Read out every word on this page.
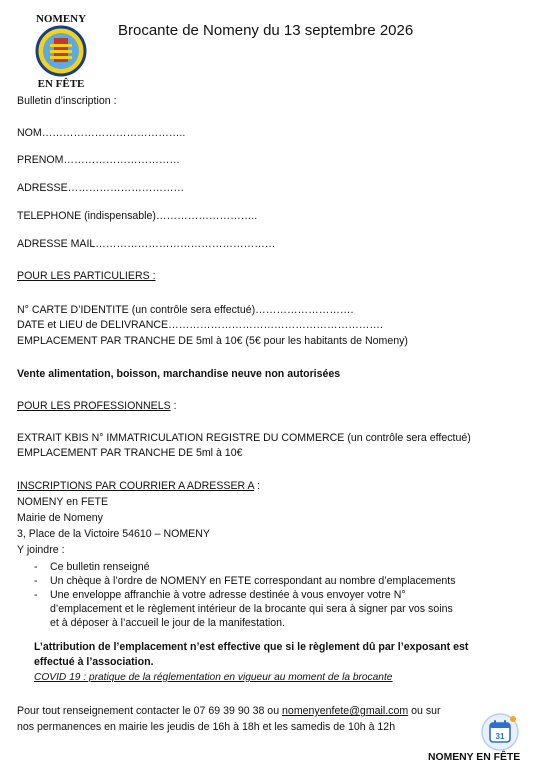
NOMENY
EN FÊTE
Brocante de Nomeny du 13 septembre 2026
Bulletin d’inscription :
NOM…………………………………..
PRENOM……………………………
ADRESSE……………………………
TELEPHONE (indispensable)………………………..
ADRESSE MAIL……………………………………………
POUR LES PARTICULIERS :
N° CARTE D’IDENTITE (un contrôle sera effectué)……………………….
DATE et LIEU de DELIVRANCE…………………………………………………….
EMPLACEMENT PAR TRANCHE DE 5ml à 10€ (5€ pour les habitants de Nomeny)
Vente alimentation, boisson, marchandise neuve non autorisées
POUR LES PROFESSIONNELS :
EXTRAIT KBIS N° IMMATRICULATION REGISTRE DU COMMERCE (un contrôle sera effectué)
EMPLACEMENT PAR TRANCHE DE 5ml à 10€
INSCRIPTIONS PAR COURRIER A ADRESSER A :
NOMENY en FETE
Mairie de Nomeny
3, Place de la Victoire 54610 – NOMENY
Y joindre :
- Ce bulletin renseigné
- Un chèque à l’ordre de NOMENY en FETE correspondant au nombre d’emplacements
- Une enveloppe affranchie à votre adresse destinée à vous envoyer votre N°
d’emplacement et le règlement intérieur de la brocante qui sera à signer par vos soins
et à déposer à l’accueil le jour de la manifestation.
L’attribution de l’emplacement n’est effective que si le règlement dû par l’exposant est
effectué à l’association.
COVID 19 : pratique de la réglementation en vigueur au moment de la brocante
Pour tout renseignement contacter le 07 69 39 90 38 ou nomenyenfete@gmail.com ou sur
nos permanences en mairie les jeudis de 16h à 18h et les samedis de 10h à 12h
31
NOMENY EN FÊTE
